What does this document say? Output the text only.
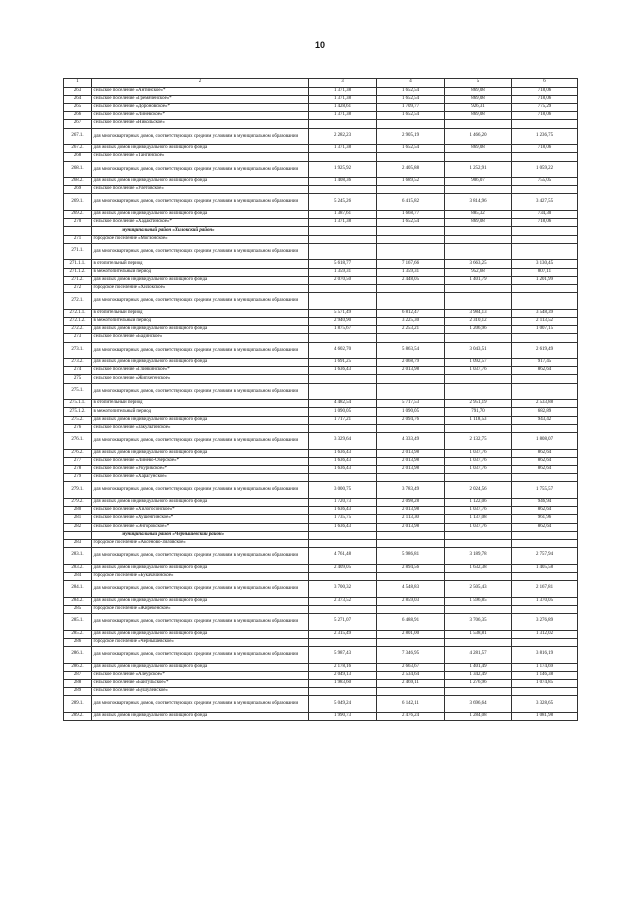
10
1	2	3	4	5	6
263	сельское поселение «Антинское»*	1 371,38	1 652,54	869,08	718,06
264	сельское поселение «Гремяченское»*	1 371,38	1 652,54	869,08	718,06
265	сельское поселение «Дороновское»*	1 428,61	1 709,77	926,31	775,29
266	сельское поселение «Линевское»*	1 371,38	1 652,54	869,08	718,06
267	сельское поселение «Никольское»				
267.1.	для многоквартирных домов, соответствующих средним условиям в муниципальном образовании	2 282,23	2 905,19	1 466,20	1 236,75
267.2.	для жилых домов индивидуального жилищного фонда	1 371,38	1 652,54	869,08	718,06
268	сельское поселение «Тангинское»				
268.1.	для многоквартирных домов, соответствующих средним условиям в муниципальном образовании	1 925,92	2 405,88	1 252,91	1 059,22
268.2.	для жилых домов индивидуального жилищного фонда	1 408,36	1 689,52	906,07	755,05
269	сельское поселение «Улетовское»				
269.1.	для многоквартирных домов, соответствующих средним условиям в муниципальном образовании	5 245,26	6 415,82	3 814,96	3 427,55
269.2.	для жилых домов индивидуального жилищного фонда	1 387,61	1 668,77	885,32	734,30
270	сельское поселение «Хадактинское»*	1 371,38	1 652,54	869,08	718,06
	муниципальный район «Хилокский район»				
271	городское поселение «Могзонское»				
271.1.	для многоквартирных домов, соответствующих средним условиям в муниципальном образовании				
271.1.1.	в отопительный период	5 618,77	7 167,66	3 663,25	3 130,45
271.1.2.	в межотопительный период	1 359,31	1 359,31	952,68	807,11
271.2.	для жилых домов индивидуального жилищного фонда	2 070,50	2 448,05	1 401,79	1 201,99
272	городское поселение «Хилокское»				
272.1.	для многоквартирных домов, соответствующих средним условиям в муниципальном образовании				
272.1.1.	в отопительный период	5 571,49	6 812,47	3 984,13	3 548,39
272.1.2.	в межотопительный период	2 940,90	3 225,30	2 310,12	2 113,52
272.2.	для жилых домов индивидуального жилищного фонда	1 875,67	2 253,21	1 206,96	1 007,15
273	сельское поселение «Бадинское»				
273.1.	для многоквартирных домов, соответствующих средним условиям в муниципальном образовании	4 602,70	5 863,54	3 043,51	2 619,49
273.2.	для жилых домов индивидуального жилищного фонда	1 691,25	2 068,79	1 092,57	917,45
274	сельское поселение «Глинкинское»*	1 636,43	2 013,98	1 037,76	862,64
275	сельское поселение «Жипхегенское»				
275.1.	для многоквартирных домов, соответствующих средним условиям в муниципальном образовании				
275.1.1.	в отопительный период	4 482,54	5 717,53	2 951,19	2 533,88
275.1.2.	в межотопительный период	1 090,05	1 090,05	791,70	682,89
275.2.	для жилых домов индивидуального жилищного фонда	1 717,21	2 094,76	1 118,53	943,42
276	сельское поселение «Закультинское»				
276.1.	для многоквартирных домов, соответствующих средним условиям в муниципальном образовании	3 329,64	4 333,49	2 132,75	1 808,07
276.2.	для жилых домов индивидуального жилищного фонда	1 636,43	2 013,98	1 037,76	862,64
277	сельское поселение «Линёво-Озёрское»*	1 636,43	2 013,98	1 037,76	862,64
278	сельское поселение «Укурикское»*	1 636,43	2 013,98	1 037,76	862,64
279	сельское поселение «Харагунское»				
279.1.	для многоквартирных домов, соответствующих средним условиям в муниципальном образовании	3 000,75	3 783,49	2 024,56	1 755,57
279.2.	для жилых домов индивидуального жилищного фонда	1 720,73	2 098,28	1 122,06	946,94
280	сельское поселение «Хилогосонское»*	1 636,43	2 013,98	1 037,76	862,64
281	сельское поселение «Хушенгинское»*	1 735,75	2 113,30	1 137,08	961,96
282	сельское поселение «Энгорокское»*	1 636,43	2 013,98	1 037,76	862,64
	муниципальный район «Чернышевский район»				
283	городское поселение «Аксёново-Зиловское»				
283.1.	для многоквартирных домов, соответствующих средним условиям в муниципальном образовании	4 761,48	5 986,81	3 189,78	2 757,94
283.2.	для жилых домов индивидуального жилищного фонда	2 409,05	2 894,56	1 632,38	1 405,58
284	городское поселение «Букачачинское»				
284.1.	для многоквартирных домов, соответствующих средним условиям в муниципальном образовании	3 700,32	4 548,83	2 505,43	2 167,81
284.2.	для жилых домов индивидуального жилищного фонда	2 373,52	2 859,03	1 596,85	1 370,05
285	городское поселение «Жирекенское»				
285.1.	для многоквартирных домов, соответствующих средним условиям в муниципальном образовании	5 271,07	6 488,91	3 706,35	3 276,89
285.2.	для жилых домов индивидуального жилищного фонда	2 315,49	2 801,00	1 538,81	1 312,02
286	городское поселение «Чернышевское»				
286.1.	для многоквартирных домов, соответствующих средним условиям в муниципальном образовании	5 987,43	7 346,95	4 281,57	3 816,19
286.2.	для жилых домов индивидуального жилищного фонда	2 178,16	2 663,67	1 401,49	1 174,69
287	сельское поселение «Алеурское»*	2 049,13	2 534,64	1 342,49	1 146,38
288	сельское поселение «Байгульское»*	1 983,60	2 469,11	1 276,96	1 074,85
289	сельское поселение «Бушулейское»				
289.1.	для многоквартирных домов, соответствующих средним условиям в муниципальном образовании	5 049,24	6 142,11	3 696,64	3 328,65
289.2.	для жилых домов индивидуального жилищного фонда	1 990,73	2 476,24	1 284,08	1 081,98
